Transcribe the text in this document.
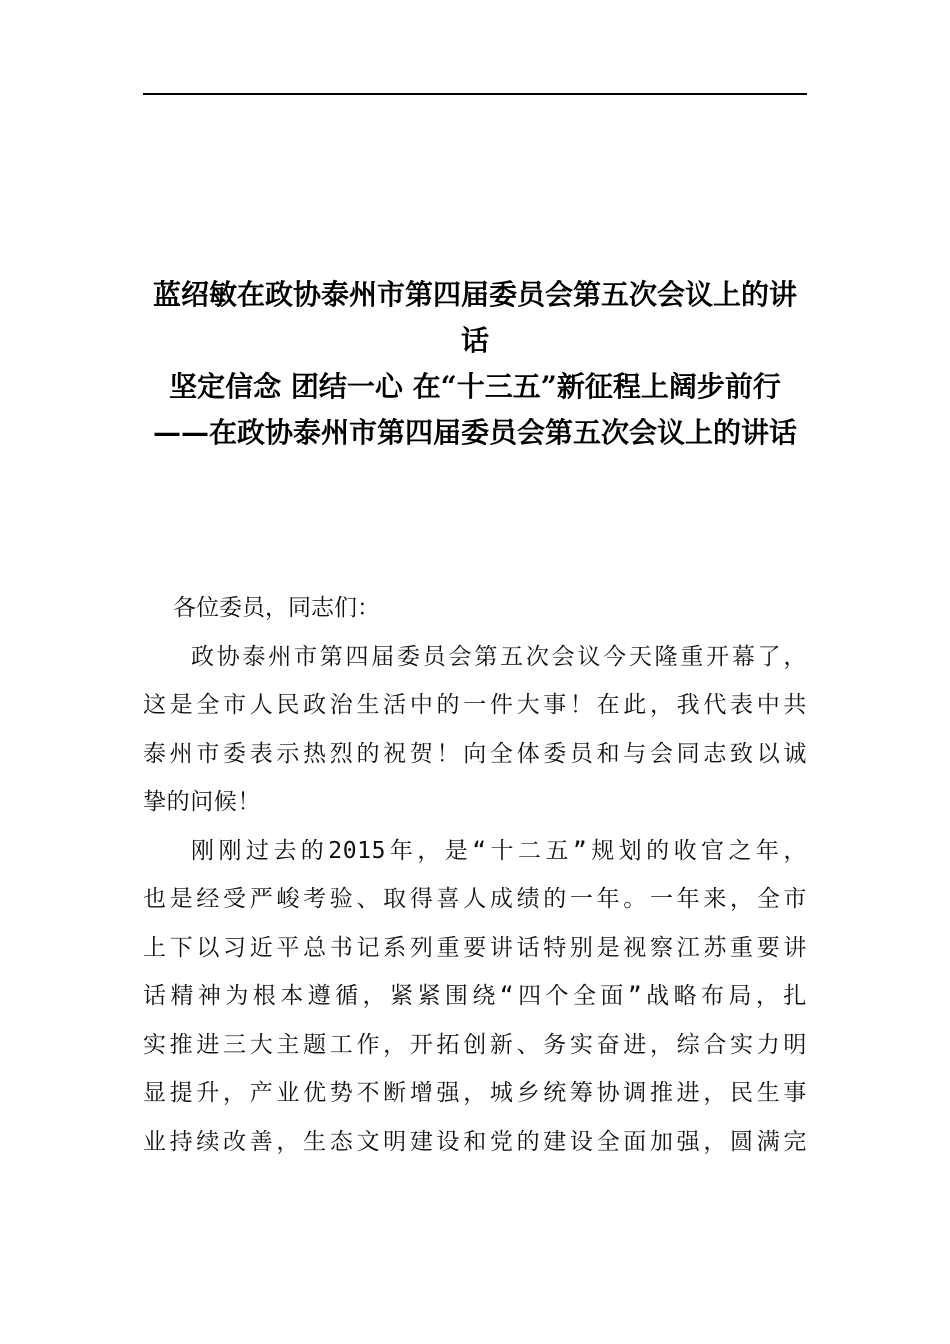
蓝绍敏在政协泰州市第四届委员会第五次会议上的讲
话
坚定信念 团结一心 在“十三五”新征程上阔步前行
——在政协泰州市第四届委员会第五次会议上的讲话
各位委员，同志们：
政协泰州市第四届委员会第五次会议今天隆重开幕了，
这是全市人民政治生活中的一件大事！在此，我代表中共
泰州市委表示热烈的祝贺！向全体委员和与会同志致以诚
挚的问候！
刚刚过去的2015年，是“十二五”规划的收官之年，
也是经受严峻考验、取得喜人成绩的一年。一年来，全市
上下以习近平总书记系列重要讲话特别是视察江苏重要讲
话精神为根本遵循，紧紧围绕“四个全面”战略布局，扎
实推进三大主题工作，开拓创新、务实奋进，综合实力明
显提升，产业优势不断增强，城乡统筹协调推进，民生事
业持续改善，生态文明建设和党的建设全面加强，圆满完
